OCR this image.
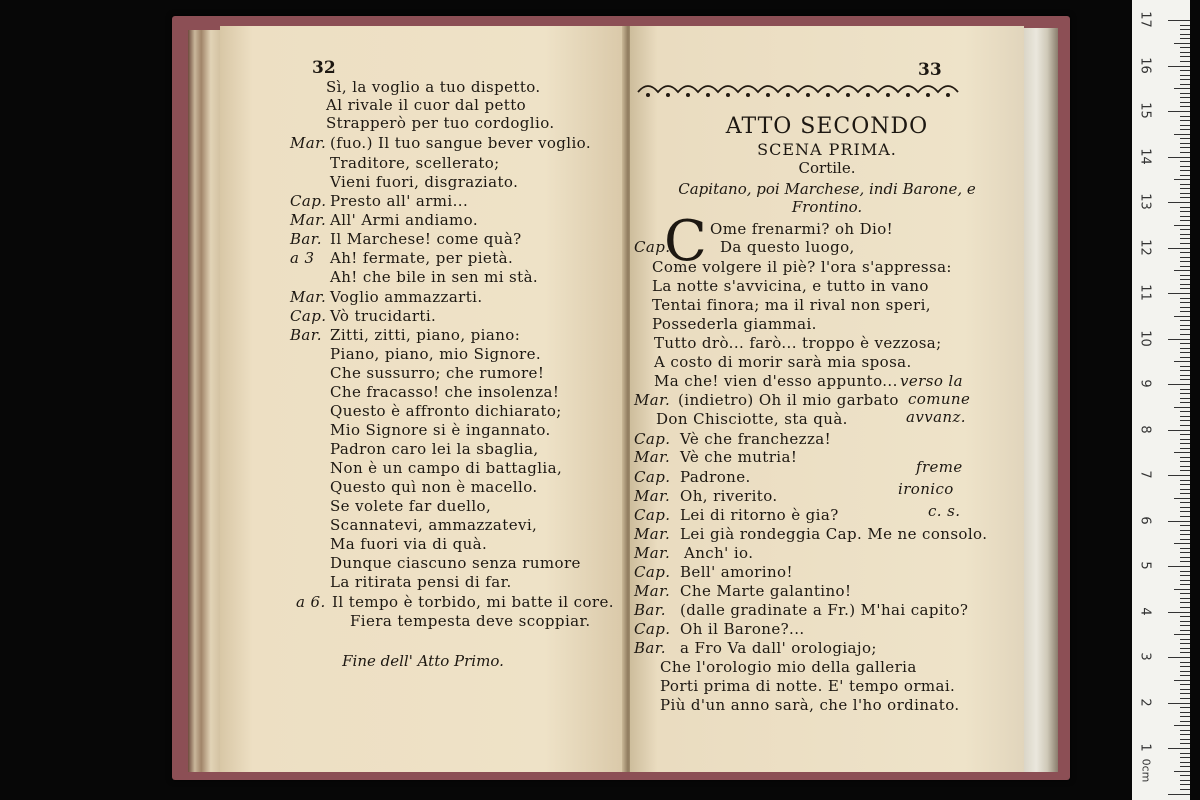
32
Sì, la voglio a tuo dispetto.
Al rivale il cuor dal petto
Strapperò per tuo cordoglio.
Mar. (fuo.) Il tuo sangue bever voglio.
Traditore, scellerato;
Vieni fuori, disgraziato.
Cap. Presto all' armi...
Mar. All' Armi andiamo.
Bar. Il Marchese! come quà?
a 3 Ah! fermate, per pietà.
Ah! che bile in sen mi stà.
Mar. Voglio ammazzarti.
Cap. Vò trucidarti.
Bar. Zitti, zitti, piano, piano:
Piano, piano, mio Signore.
Che sussurro; che rumore!
Che fracasso! che insolenza!
Questo è affronto dichiarato;
Mio Signore si è ingannato.
Padron caro lei la sbaglia,
Non è un campo di battaglia,
Questo quì non è macello.
Se volete far duello,
Scannatevi, ammazzatevi,
Ma fuori via di quà.
Dunque ciascuno senza rumore
La ritirata pensi di far.
a 6. Il tempo è torbido, mi batte il core.
Fiera tempesta deve scoppiar.
Fine dell' Atto Primo.
33
ATTO SECONDO
SCENA PRIMA.
Cortile.
Capitano, poi Marchese, indi Barone, e
Frontino.
Ome frenarmi? oh Dio!
Cap.	Da questo luogo,
Come volgere il piè? l'ora s'appressa:
La notte s'avvicina, e tutto in vano
Tentai finora; ma il rival non speri,
Possederla giammai.
Tutto drò... farò... troppo è vezzosa;
A costo di morir sarà mia sposa.
Ma che! vien d'esso appunto... verso la
Mar. (indietro) Oh il mio garbato comune
Don Chisciotte, sta quà.	avvanz.
Cap. Vè che franchezza!
Mar. Vè che mutria!
freme
Cap. Padrone.
Mar. Oh, riverito.	ironico
Cap. Lei di ritorno è gia?	c. s.
Mar. Lei già rondeggia Cap. Me ne consolo.
Mar. Anch' io.
Cap. Bell' amorino!
Mar. Che Marte galantino!
Bar. (dalle gradinate a Fr.) M'hai capito?
Cap. Oh il Barone?...
Bar. a Fro Va dall' orologiajo;
Che l'orologio mio della galleria
Porti prima di notte. E' tempo ormai.
Più d'un anno sarà, che l'ho ordinato.
C
0cm
17
16
15
14
13
12
11
10
9
8
7
6
5
4
3
2
1
